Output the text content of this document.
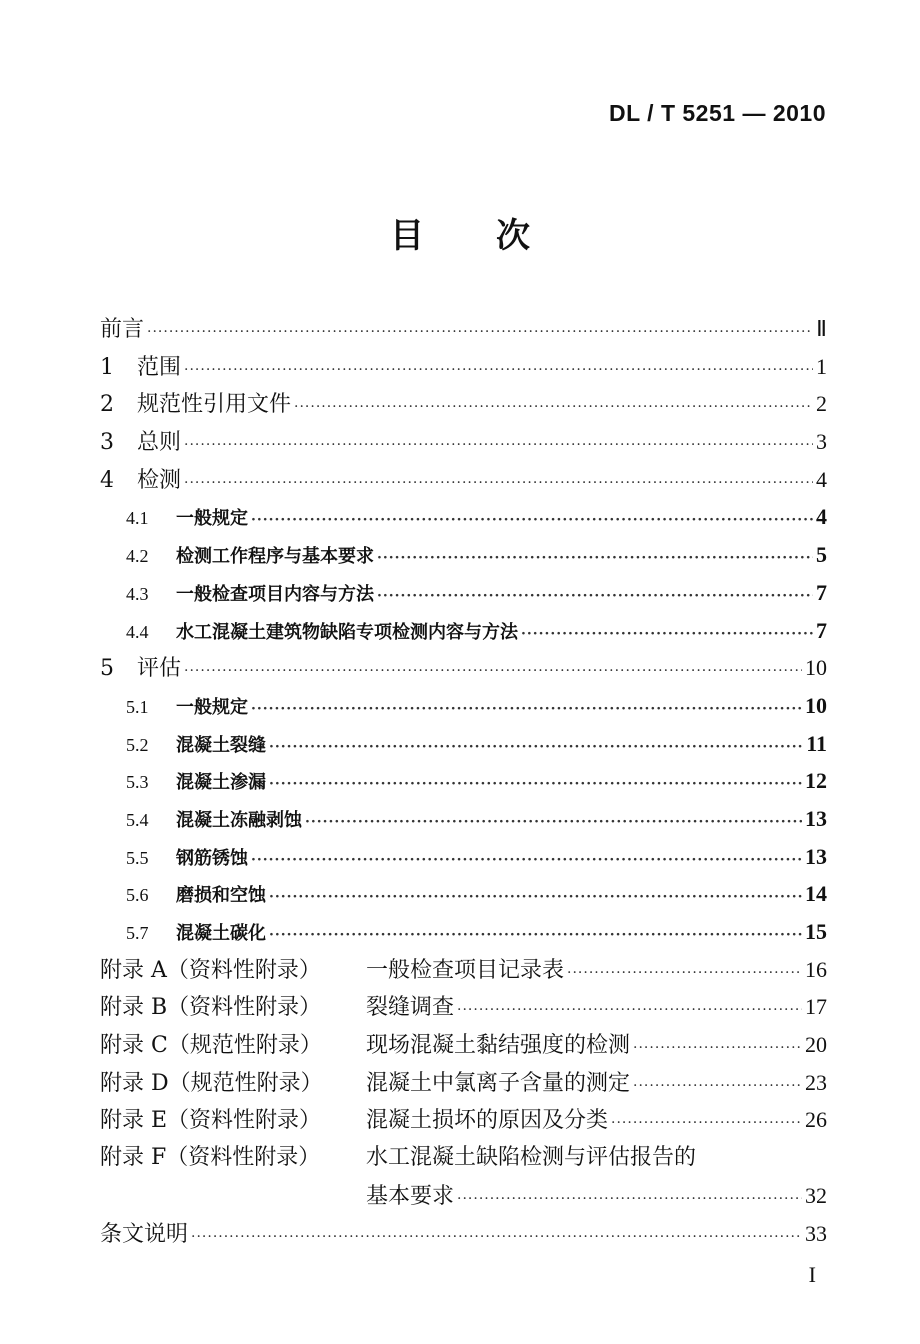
DL / T 5251 — 2010
目次
前言 ·····	Ⅱ
1	范围 ·····	1
2	规范性引用文件 ·····	2
3	总则 ·····	3
4	检测 ·····	4
4.1	一般规定 ·····	4
4.2	检测工作程序与基本要求 ·····	5
4.3	一般检查项目内容与方法 ·····	7
4.4	水工混凝土建筑物缺陷专项检测内容与方法 ·····	7
5	评估 ·····	10
5.1	一般规定 ·····	10
5.2	混凝土裂缝 ·····	11
5.3	混凝土渗漏 ·····	12
5.4	混凝土冻融剥蚀 ·····	13
5.5	钢筋锈蚀 ·····	13
5.6	磨损和空蚀 ·····	14
5.7	混凝土碳化 ·····	15
附录 A（资料性附录）	一般检查项目记录表 ·····	16
附录 B（资料性附录）	裂缝调查 ·····	17
附录 C（规范性附录）	现场混凝土黏结强度的检测 ·····	20
附录 D（规范性附录）	混凝土中氯离子含量的测定 ·····	23
附录 E（资料性附录）	混凝土损坏的原因及分类 ·····	26
附录 F（资料性附录）	水工混凝土缺陷检测与评估报告的
基本要求 ·····	32
条文说明 ·····	33
I
